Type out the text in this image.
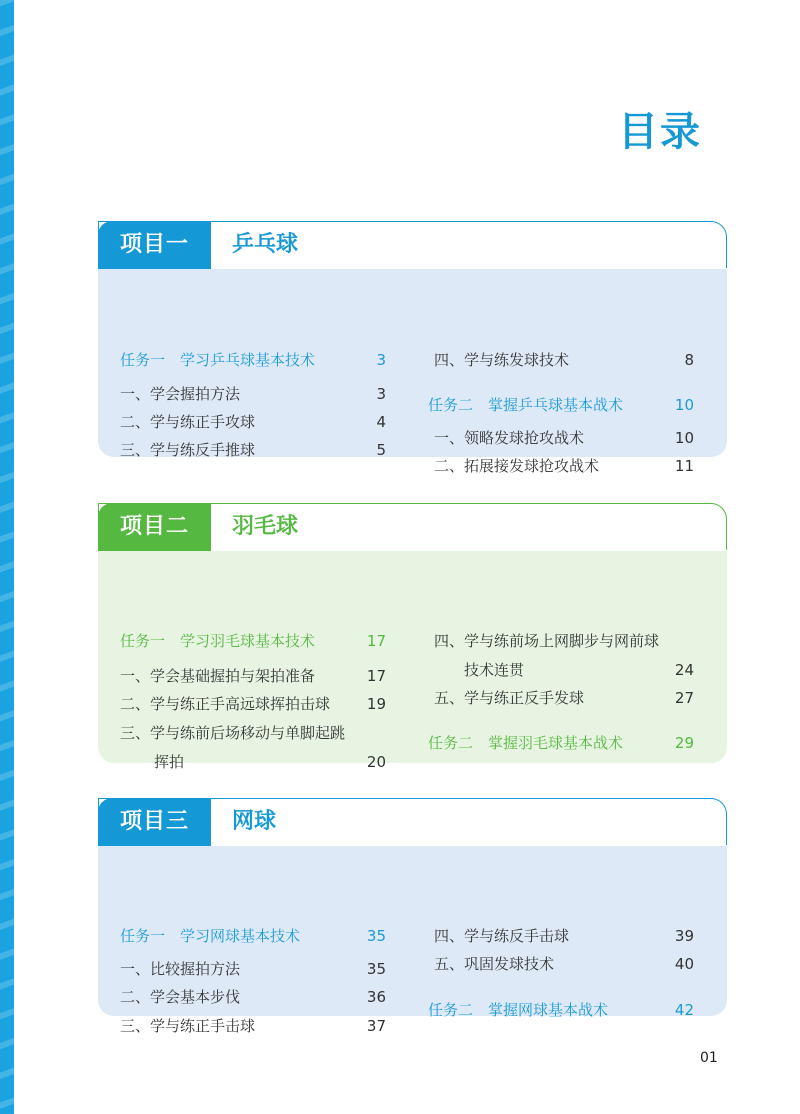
目录
项目一	乒乓球
任务一　学习乒乓球基本技术	3
一、学会握拍方法	3
二、学与练正手攻球	4
三、学与练反手推球	5
四、学与练发球技术	8
任务二　掌握乒乓球基本战术	10
一、领略发球抢攻战术	10
二、拓展接发球抢攻战术	11
项目二	羽毛球
任务一　学习羽毛球基本技术	17
一、学会基础握拍与架拍准备	17
二、学与练正手高远球挥拍击球	19
三、学与练前后场移动与单脚起跳
挥拍	20
四、学与练前场上网脚步与网前球
技术连贯	24
五、学与练正反手发球	27
任务二　掌握羽毛球基本战术	29
项目三	网球
任务一　学习网球基本技术	35
一、比较握拍方法	35
二、学会基本步伐	36
三、学与练正手击球	37
四、学与练反手击球	39
五、巩固发球技术	40
任务二　掌握网球基本战术	42
01
